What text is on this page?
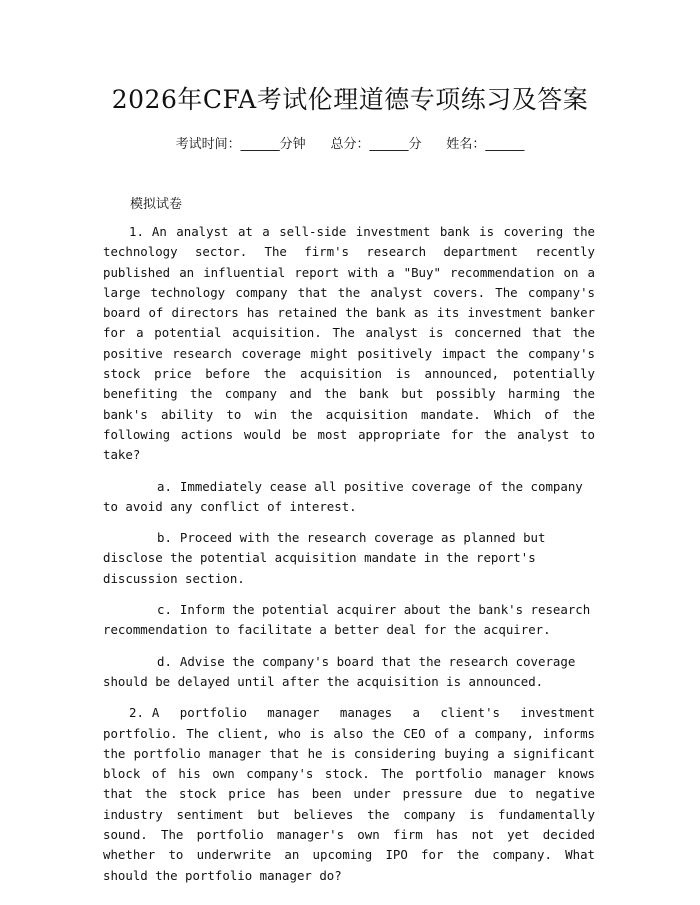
2026年CFA考试伦理道德专项练习及答案
考试时间：______分钟 总分：______分 姓名：______
模拟试卷

1. An analyst at a sell-side investment bank is covering the technology sector. The firm's research department recently published an influential report with a "Buy" recommendation on a large technology company that the analyst covers. The company's board of directors has retained the bank as its investment banker for a potential acquisition. The analyst is concerned that the positive research coverage might positively impact the company's stock price before the acquisition is announced, potentially benefiting the company and the bank but possibly harming the bank's ability to win the acquisition mandate. Which of the following actions would be most appropriate for the analyst to take?

a. Immediately cease all positive coverage of the company to avoid any conflict of interest.

b. Proceed with the research coverage as planned but disclose the potential acquisition mandate in the report's discussion section.

c. Inform the potential acquirer about the bank's research recommendation to facilitate a better deal for the acquirer.

d. Advise the company's board that the research coverage should be delayed until after the acquisition is announced.

2. A portfolio manager manages a client's investment portfolio. The client, who is also the CEO of a company, informs the portfolio manager that he is considering buying a significant block of his own company's stock. The portfolio manager knows that the stock price has been under pressure due to negative industry sentiment but believes the company is fundamentally sound. The portfolio manager's own firm has not yet decided whether to underwrite an upcoming IPO for the company. What should the portfolio manager do?
